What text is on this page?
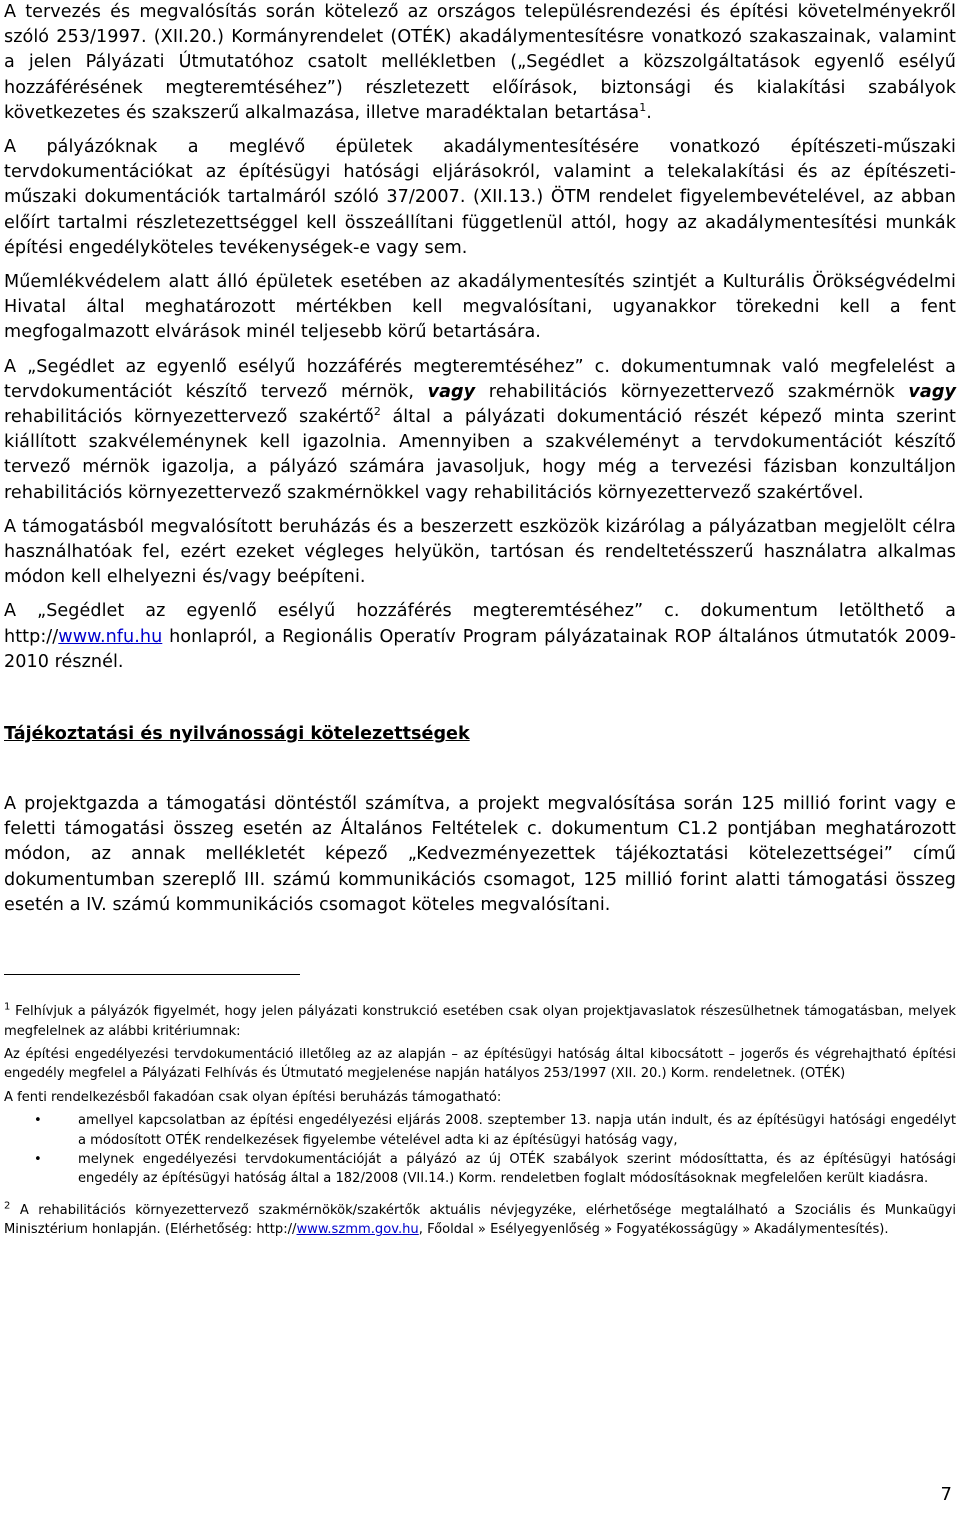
A tervezés és megvalósítás során kötelező az országos településrendezési és építési követelményekről szóló 253/1997. (XII.20.) Kormányrendelet (OTÉK) akadálymentesítésre vonatkozó szakaszainak, valamint a jelen Pályázati Útmutatóhoz csatolt mellékletben („Segédlet a közszolgáltatások egyenlő esélyű hozzáférésének megteremtéséhez”) részletezett előírások, biztonsági és kialakítási szabályok következetes és szakszerű alkalmazása, illetve maradéktalan betartása$^1$.

A pályázóknak a meglévő épületek akadálymentesítésére vonatkozó építészeti-műszaki tervdokumentációkat az építésügyi hatósági eljárásokról, valamint a telekalakítási és az építészeti-műszaki dokumentációk tartalmáról szóló 37/2007. (XII.13.) ÖTM rendelet figyelembevételével, az abban előírt tartalmi részletezettséggel kell összeállítani függetlenül attól, hogy az akadálymentesítési munkák építési engedélyköteles tevékenységek-e vagy sem.

Műemlékvédelem alatt álló épületek esetében az akadálymentesítés szintjét a Kulturális Örökségvédelmi Hivatal által meghatározott mértékben kell megvalósítani, ugyanakkor törekedni kell a fent megfogalmazott elvárások minél teljesebb körű betartására.

A „Segédlet az egyenlő esélyű hozzáférés megteremtéséhez” c. dokumentumnak való megfelelést a tervdokumentációt készítő tervező mérnök, vagy rehabilitációs környezettervező szakmérnök vagy rehabilitációs környezettervező szakértő$^2$ által a pályázati dokumentáció részét képező minta szerint kiállított szakvéleménynek kell igazolnia. Amennyiben a szakvéleményt a tervdokumentációt készítő tervező mérnök igazolja, a pályázó számára javasoljuk, hogy még a tervezési fázisban konzultáljon rehabilitációs környezettervező szakmérnökkel vagy rehabilitációs környezettervező szakértővel.

A támogatásból megvalósított beruházás és a beszerzett eszközök kizárólag a pályázatban megjelölt célra használhatóak fel, ezért ezeket végleges helyükön, tartósan és rendeltetésszerű használatra alkalmas módon kell elhelyezni és/vagy beépíteni.

A „Segédlet az egyenlő esélyű hozzáférés megteremtéséhez” c. dokumentum letölthető a http://www.nfu.hu honlapról, a Regionális Operatív Program pályázatainak ROP általános útmutatók 2009-2010 résznél.

Tájékoztatási és nyilvánossági kötelezettségek

A projektgazda a támogatási döntéstől számítva, a projekt megvalósítása során 125 millió forint vagy e feletti támogatási összeg esetén az Általános Feltételek c. dokumentum C1.2 pontjában meghatározott módon, az annak mellékletét képező „Kedvezményezettek tájékoztatási kötelezettségei” című dokumentumban szereplő III. számú kommunikációs csomagot, 125 millió forint alatti támogatási összeg esetén a IV. számú kommunikációs csomagot köteles megvalósítani.

$^1$ Felhívjuk a pályázók figyelmét, hogy jelen pályázati konstrukció esetében csak olyan projektjavaslatok részesülhetnek támogatásban, melyek megfelelnek az alábbi kritériumnak:

Az építési engedélyezési tervdokumentáció illetőleg az az alapján – az építésügyi hatóság által kibocsátott – jogerős és végrehajtható építési engedély megfelel a Pályázati Felhívás és Útmutató megjelenése napján hatályos 253/1997 (XII. 20.) Korm. rendeletnek. (OTÉK)

A fenti rendelkezésből fakadóan csak olyan építési beruházás támogatható:

•	amellyel kapcsolatban az építési engedélyezési eljárás 2008. szeptember 13. napja után indult, és az építésügyi hatósági engedélyt a módosított OTÉK rendelkezések figyelembe vételével adta ki az építésügyi hatóság vagy,
•	melynek engedélyezési tervdokumentációját a pályázó az új OTÉK szabályok szerint módosíttatta, és az építésügyi hatósági engedély az építésügyi hatóság által a 182/2008 (VII.14.) Korm. rendeletben foglalt módosításoknak megfelelően került kiadásra.

$^2$ A rehabilitációs környezettervező szakmérnökök/szakértők aktuális névjegyzéke, elérhetősége megtalálható a Szociális és Munkaügyi Minisztérium honlapján. (Elérhetőség: http://www.szmm.gov.hu, Főoldal » Esélyegyenlőség » Fogyatékosságügy » Akadálymentesítés).

7
